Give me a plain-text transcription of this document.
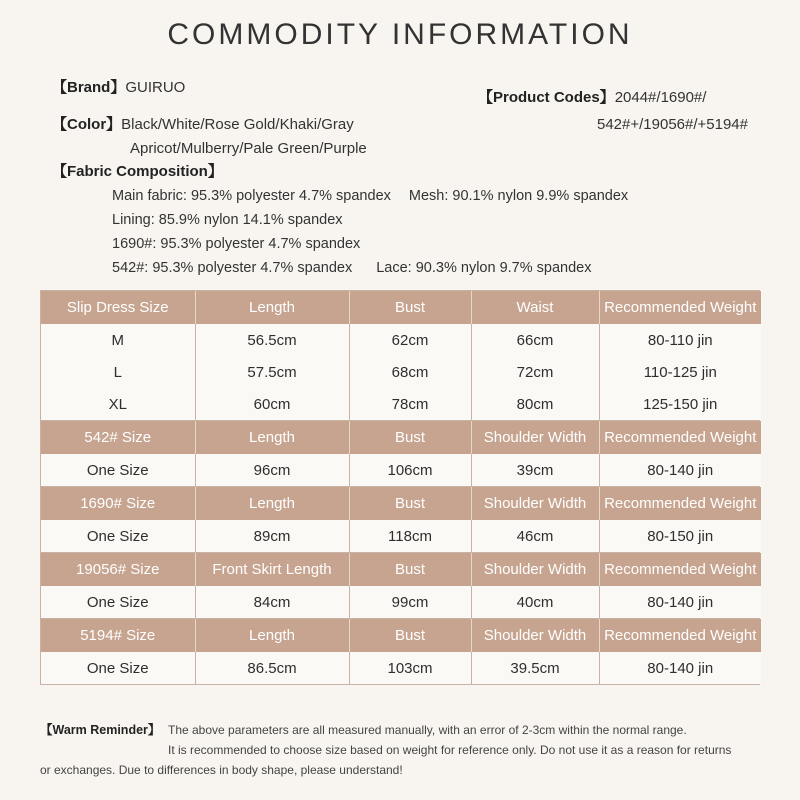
COMMODITY INFORMATION
【Brand】GUIRUO
【Product Codes】2044#/1690#/
542#+/19056#/+5194#
【Color】Black/White/Rose Gold/Khaki/Gray
Apricot/Mulberry/Pale Green/Purple
【Fabric Composition】
Main fabric: 95.3% polyester 4.7% spandex Mesh: 90.1% nylon 9.9% spandex
Lining: 85.9% nylon 14.1% spandex
1690#: 95.3% polyester 4.7% spandex
542#: 95.3% polyester 4.7% spandex Lace: 90.3% nylon 9.7% spandex
Slip Dress Size	Length	Bust	Waist	Recommended Weight
M	56.5cm	62cm	66cm	80-110 jin
L	57.5cm	68cm	72cm	110-125 jin
XL	60cm	78cm	80cm	125-150 jin
542# Size	Length	Bust	Shoulder Width	Recommended Weight
One Size	96cm	106cm	39cm	80-140 jin
1690# Size	Length	Bust	Shoulder Width	Recommended Weight
One Size	89cm	118cm	46cm	80-150 jin
19056# Size	Front Skirt Length	Bust	Shoulder Width	Recommended Weight
One Size	84cm	99cm	40cm	80-140 jin
5194# Size	Length	Bust	Shoulder Width	Recommended Weight
One Size	86.5cm	103cm	39.5cm	80-140 jin
【Warm Reminder】 The above parameters are all measured manually, with an error of 2-3cm within the normal range.
It is recommended to choose size based on weight for reference only. Do not use it as a reason for returns
or exchanges. Due to differences in body shape, please understand!
